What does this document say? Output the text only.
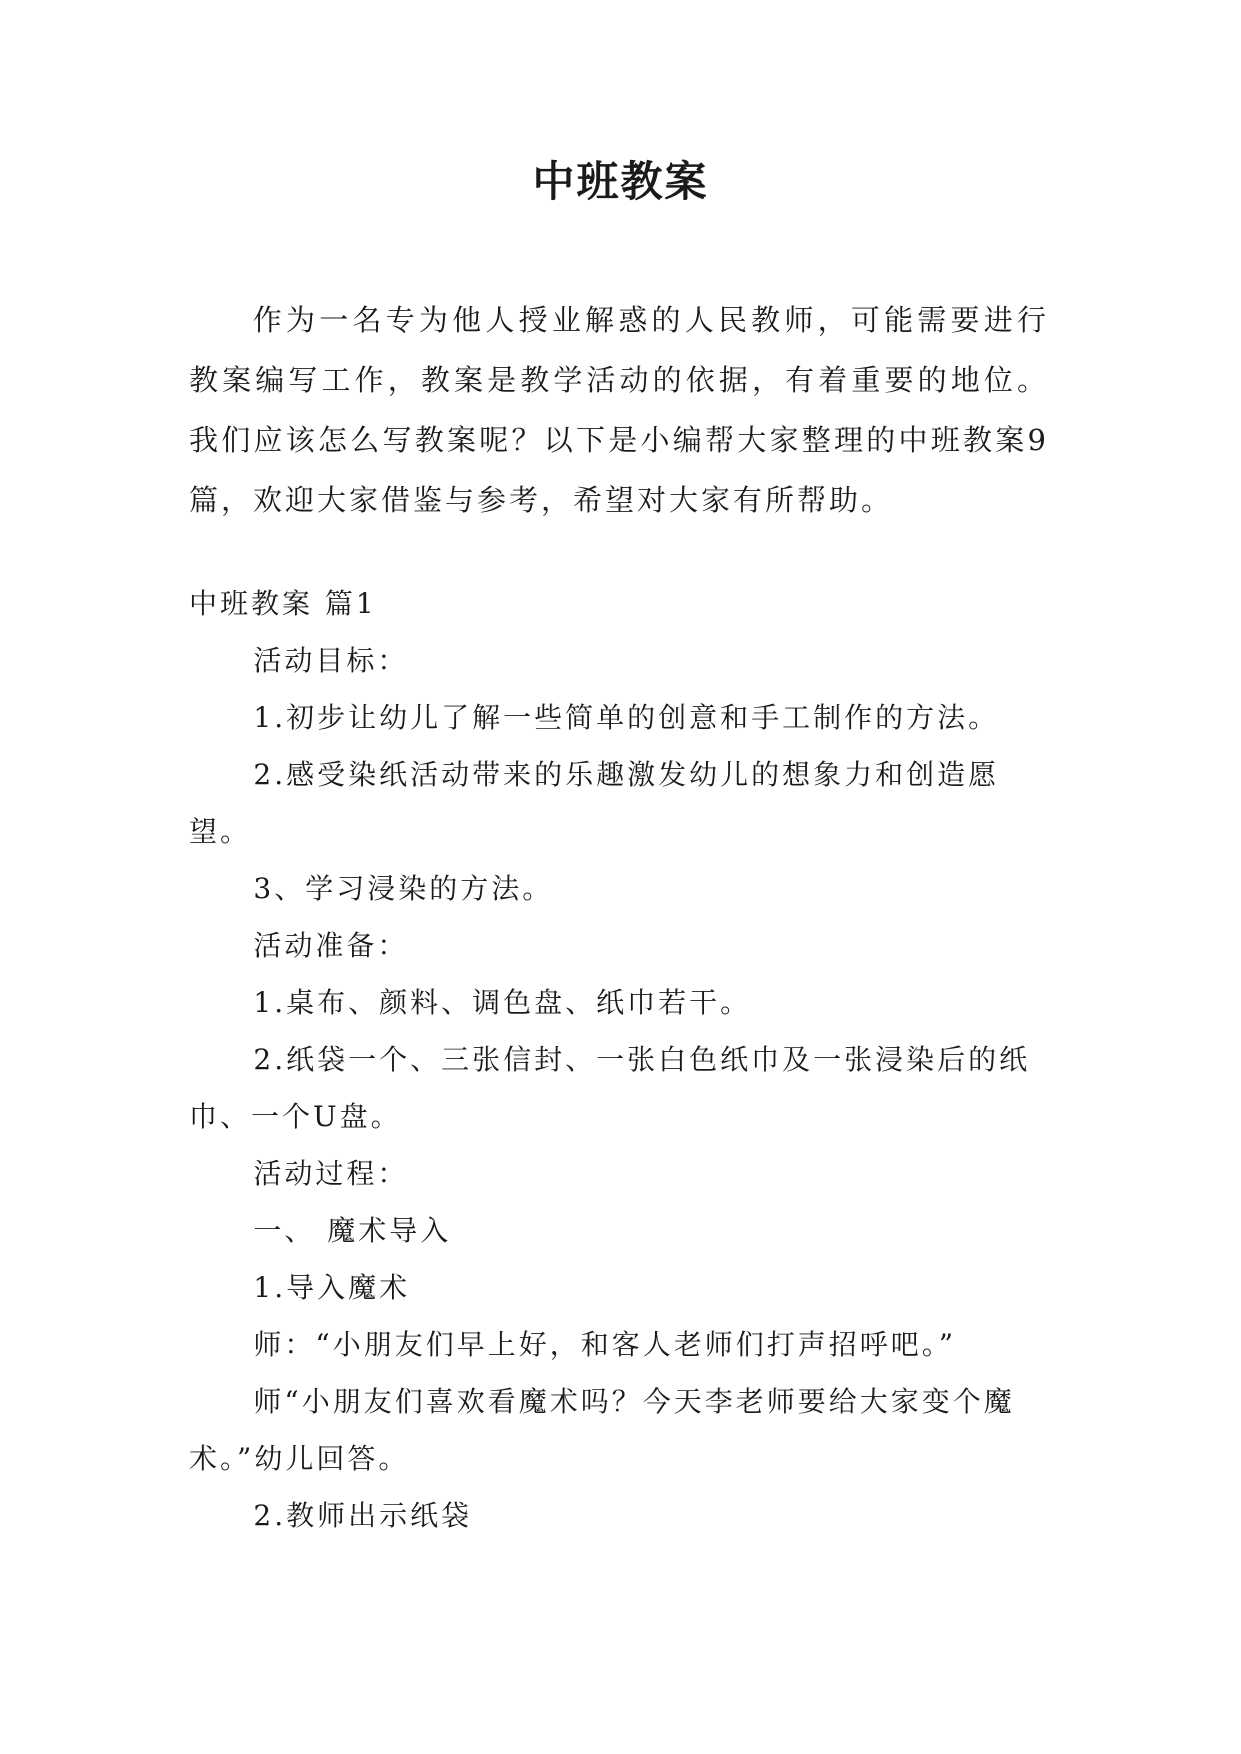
中班教案

作为一名专为他人授业解惑的人民教师，可能需要进行教案编写工作，教案是教学活动的依据，有着重要的地位。我们应该怎么写教案呢？以下是小编帮大家整理的中班教案9篇，欢迎大家借鉴与参考，希望对大家有所帮助。

中班教案 篇1

活动目标：

1.初步让幼儿了解一些简单的创意和手工制作的方法。

2.感受染纸活动带来的乐趣激发幼儿的想象力和创造愿望。

3、学习浸染的方法。

活动准备：

1.桌布、颜料、调色盘、纸巾若干。

2.纸袋一个、三张信封、一张白色纸巾及一张浸染后的纸巾、一个U盘。

活动过程：

一、 魔术导入

1.导入魔术

师：“小朋友们早上好，和客人老师们打声招呼吧。”

师“小朋友们喜欢看魔术吗？今天李老师要给大家变个魔术。”幼儿回答。

2.教师出示纸袋
